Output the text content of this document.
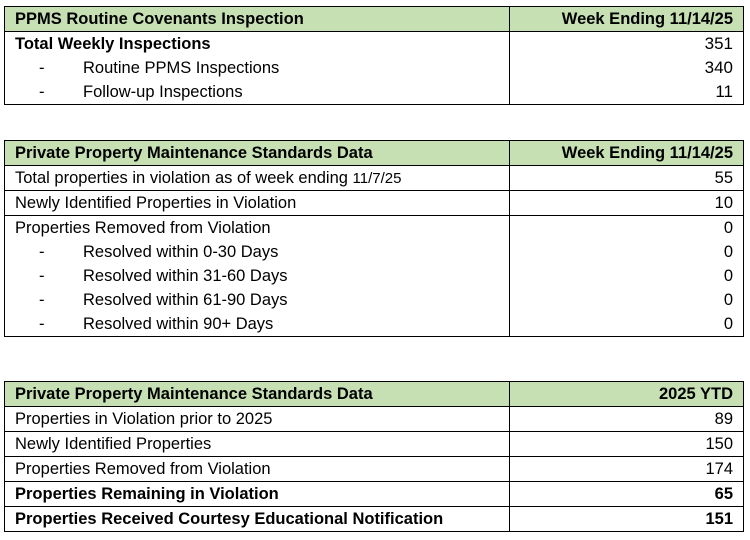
PPMS Routine Covenants Inspection	Week Ending 11/14/25
Total Weekly Inspections	351
- Routine PPMS Inspections	340
- Follow-up Inspections	11
Private Property Maintenance Standards Data	Week Ending 11/14/25
Total properties in violation as of week ending 11/7/25	55
Newly Identified Properties in Violation	10
Properties Removed from Violation	0
- Resolved within 0-30 Days	0
- Resolved within 31-60 Days	0
- Resolved within 61-90 Days	0
- Resolved within 90+ Days	0
Private Property Maintenance Standards Data	2025 YTD
Properties in Violation prior to 2025	89
Newly Identified Properties	150
Properties Removed from Violation	174
Properties Remaining in Violation	65
Properties Received Courtesy Educational Notification	151
